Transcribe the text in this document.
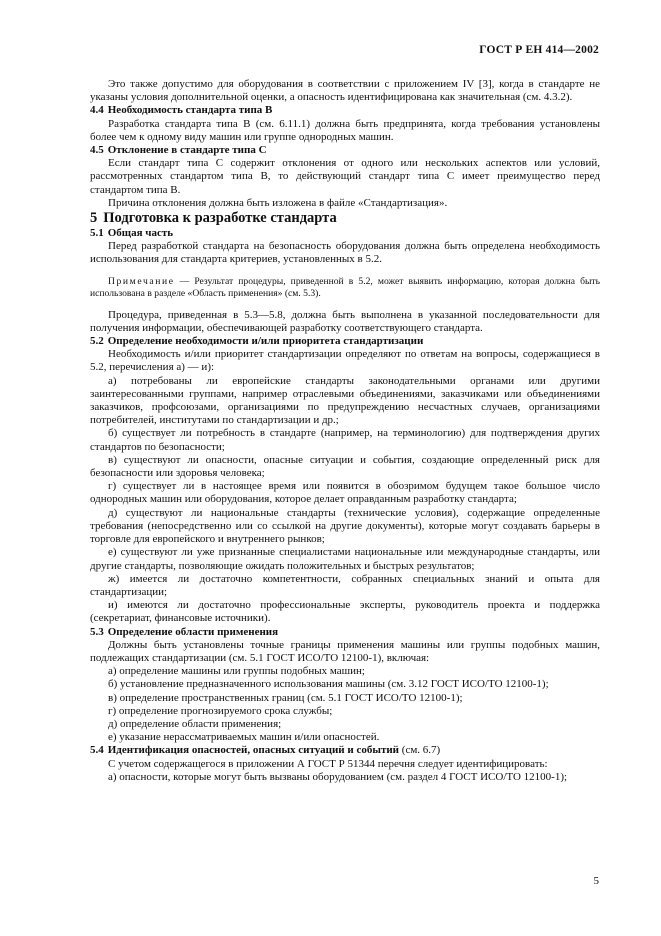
ГОСТ Р ЕН 414—2002

Это также допустимо для оборудования в соответствии с приложением IV [3], когда в стандарте не указаны условия дополнительной оценки, а опасность идентифицирована как значительная (см. 4.3.2).

4.4 Необходимость стандарта типа В

Разработка стандарта типа В (см. 6.11.1) должна быть предпринята, когда требования установлены более чем к одному виду машин или группе однородных машин.

4.5 Отклонение в стандарте типа С

Если стандарт типа С содержит отклонения от одного или нескольких аспектов или условий, рассмотренных стандартом типа В, то действующий стандарт типа С имеет преимущество перед стандартом типа В.

Причина отклонения должна быть изложена в файле «Стандартизация».

5 Подготовка к разработке стандарта

5.1 Общая часть

Перед разработкой стандарта на безопасность оборудования должна быть определена необходимость использования для стандарта критериев, установленных в 5.2.

Примечание — Результат процедуры, приведенной в 5.2, может выявить информацию, которая должна быть использована в разделе «Область применения» (см. 5.3).

Процедура, приведенная в 5.3—5.8, должна быть выполнена в указанной последовательности для получения информации, обеспечивающей разработку соответствующего стандарта.

5.2 Определение необходимости и/или приоритета стандартизации

Необходимость и/или приоритет стандартизации определяют по ответам на вопросы, содержащиеся в 5.2, перечисления а) — и):

а) потребованы ли европейские стандарты законодательными органами или другими заинтересованными группами, например отраслевыми объединениями, заказчиками или объединениями заказчиков, профсоюзами, организациями по предупреждению несчастных случаев, организациями потребителей, институтами по стандартизации и др.;

б) существует ли потребность в стандарте (например, на терминологию) для подтверждения других стандартов по безопасности;

в) существуют ли опасности, опасные ситуации и события, создающие определенный риск для безопасности или здоровья человека;

г) существует ли в настоящее время или появится в обозримом будущем такое большое число однородных машин или оборудования, которое делает оправданным разработку стандарта;

д) существуют ли национальные стандарты (технические условия), содержащие определенные требования (непосредственно или со ссылкой на другие документы), которые могут создавать барьеры в торговле для европейского и внутреннего рынков;

е) существуют ли уже признанные специалистами национальные или международные стандарты, или другие стандарты, позволяющие ожидать положительных и быстрых результатов;

ж) имеется ли достаточно компетентности, собранных специальных знаний и опыта для стандартизации;

и) имеются ли достаточно профессиональные эксперты, руководитель проекта и поддержка (секретариат, финансовые источники).

5.3 Определение области применения

Должны быть установлены точные границы применения машины или группы подобных машин, подлежащих стандартизации (см. 5.1 ГОСТ ИСО/ТО 12100-1), включая:

а) определение машины или группы подобных машин;

б) установление предназначенного использования машины (см. 3.12 ГОСТ ИСО/ТО 12100-1);

в) определение пространственных границ (см. 5.1 ГОСТ ИСО/ТО 12100-1);

г) определение прогнозируемого срока службы;

д) определение области применения;

е) указание нерассматриваемых машин и/или опасностей.

5.4 Идентификация опасностей, опасных ситуаций и событий (см. 6.7)

С учетом содержащегося в приложении А ГОСТ Р 51344 перечня следует идентифицировать:

а) опасности, которые могут быть вызваны оборудованием (см. раздел 4 ГОСТ ИСО/ТО 12100-1);

5
